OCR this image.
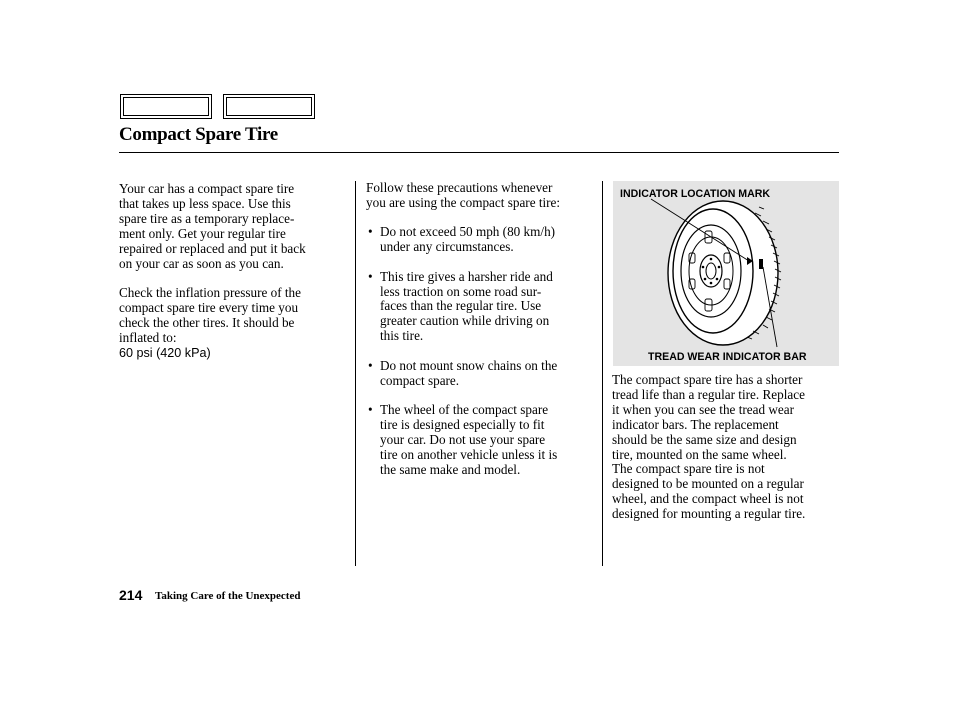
Compact Spare Tire

Your car has a compact spare tire
that takes up less space. Use this
spare tire as a temporary replace-
ment only. Get your regular tire
repaired or replaced and put it back
on your car as soon as you can.

Check the inflation pressure of the
compact spare tire every time you
check the other tires. It should be
inflated to:
60 psi (420 kPa)

Follow these precautions whenever
you are using the compact spare tire:

• Do not exceed 50 mph (80 km/h)
under any circumstances.

• This tire gives a harsher ride and
less traction on some road sur-
faces than the regular tire. Use
greater caution while driving on
this tire.

• Do not mount snow chains on the
compact spare.

• The wheel of the compact spare
tire is designed especially to fit
your car. Do not use your spare
tire on another vehicle unless it is
the same make and model.

INDICATOR LOCATION MARK
TREAD WEAR INDICATOR BAR

The compact spare tire has a shorter
tread life than a regular tire. Replace
it when you can see the tread wear
indicator bars. The replacement
should be the same size and design
tire, mounted on the same wheel.
The compact spare tire is not
designed to be mounted on a regular
wheel, and the compact wheel is not
designed for mounting a regular tire.

214 Taking Care of the Unexpected
